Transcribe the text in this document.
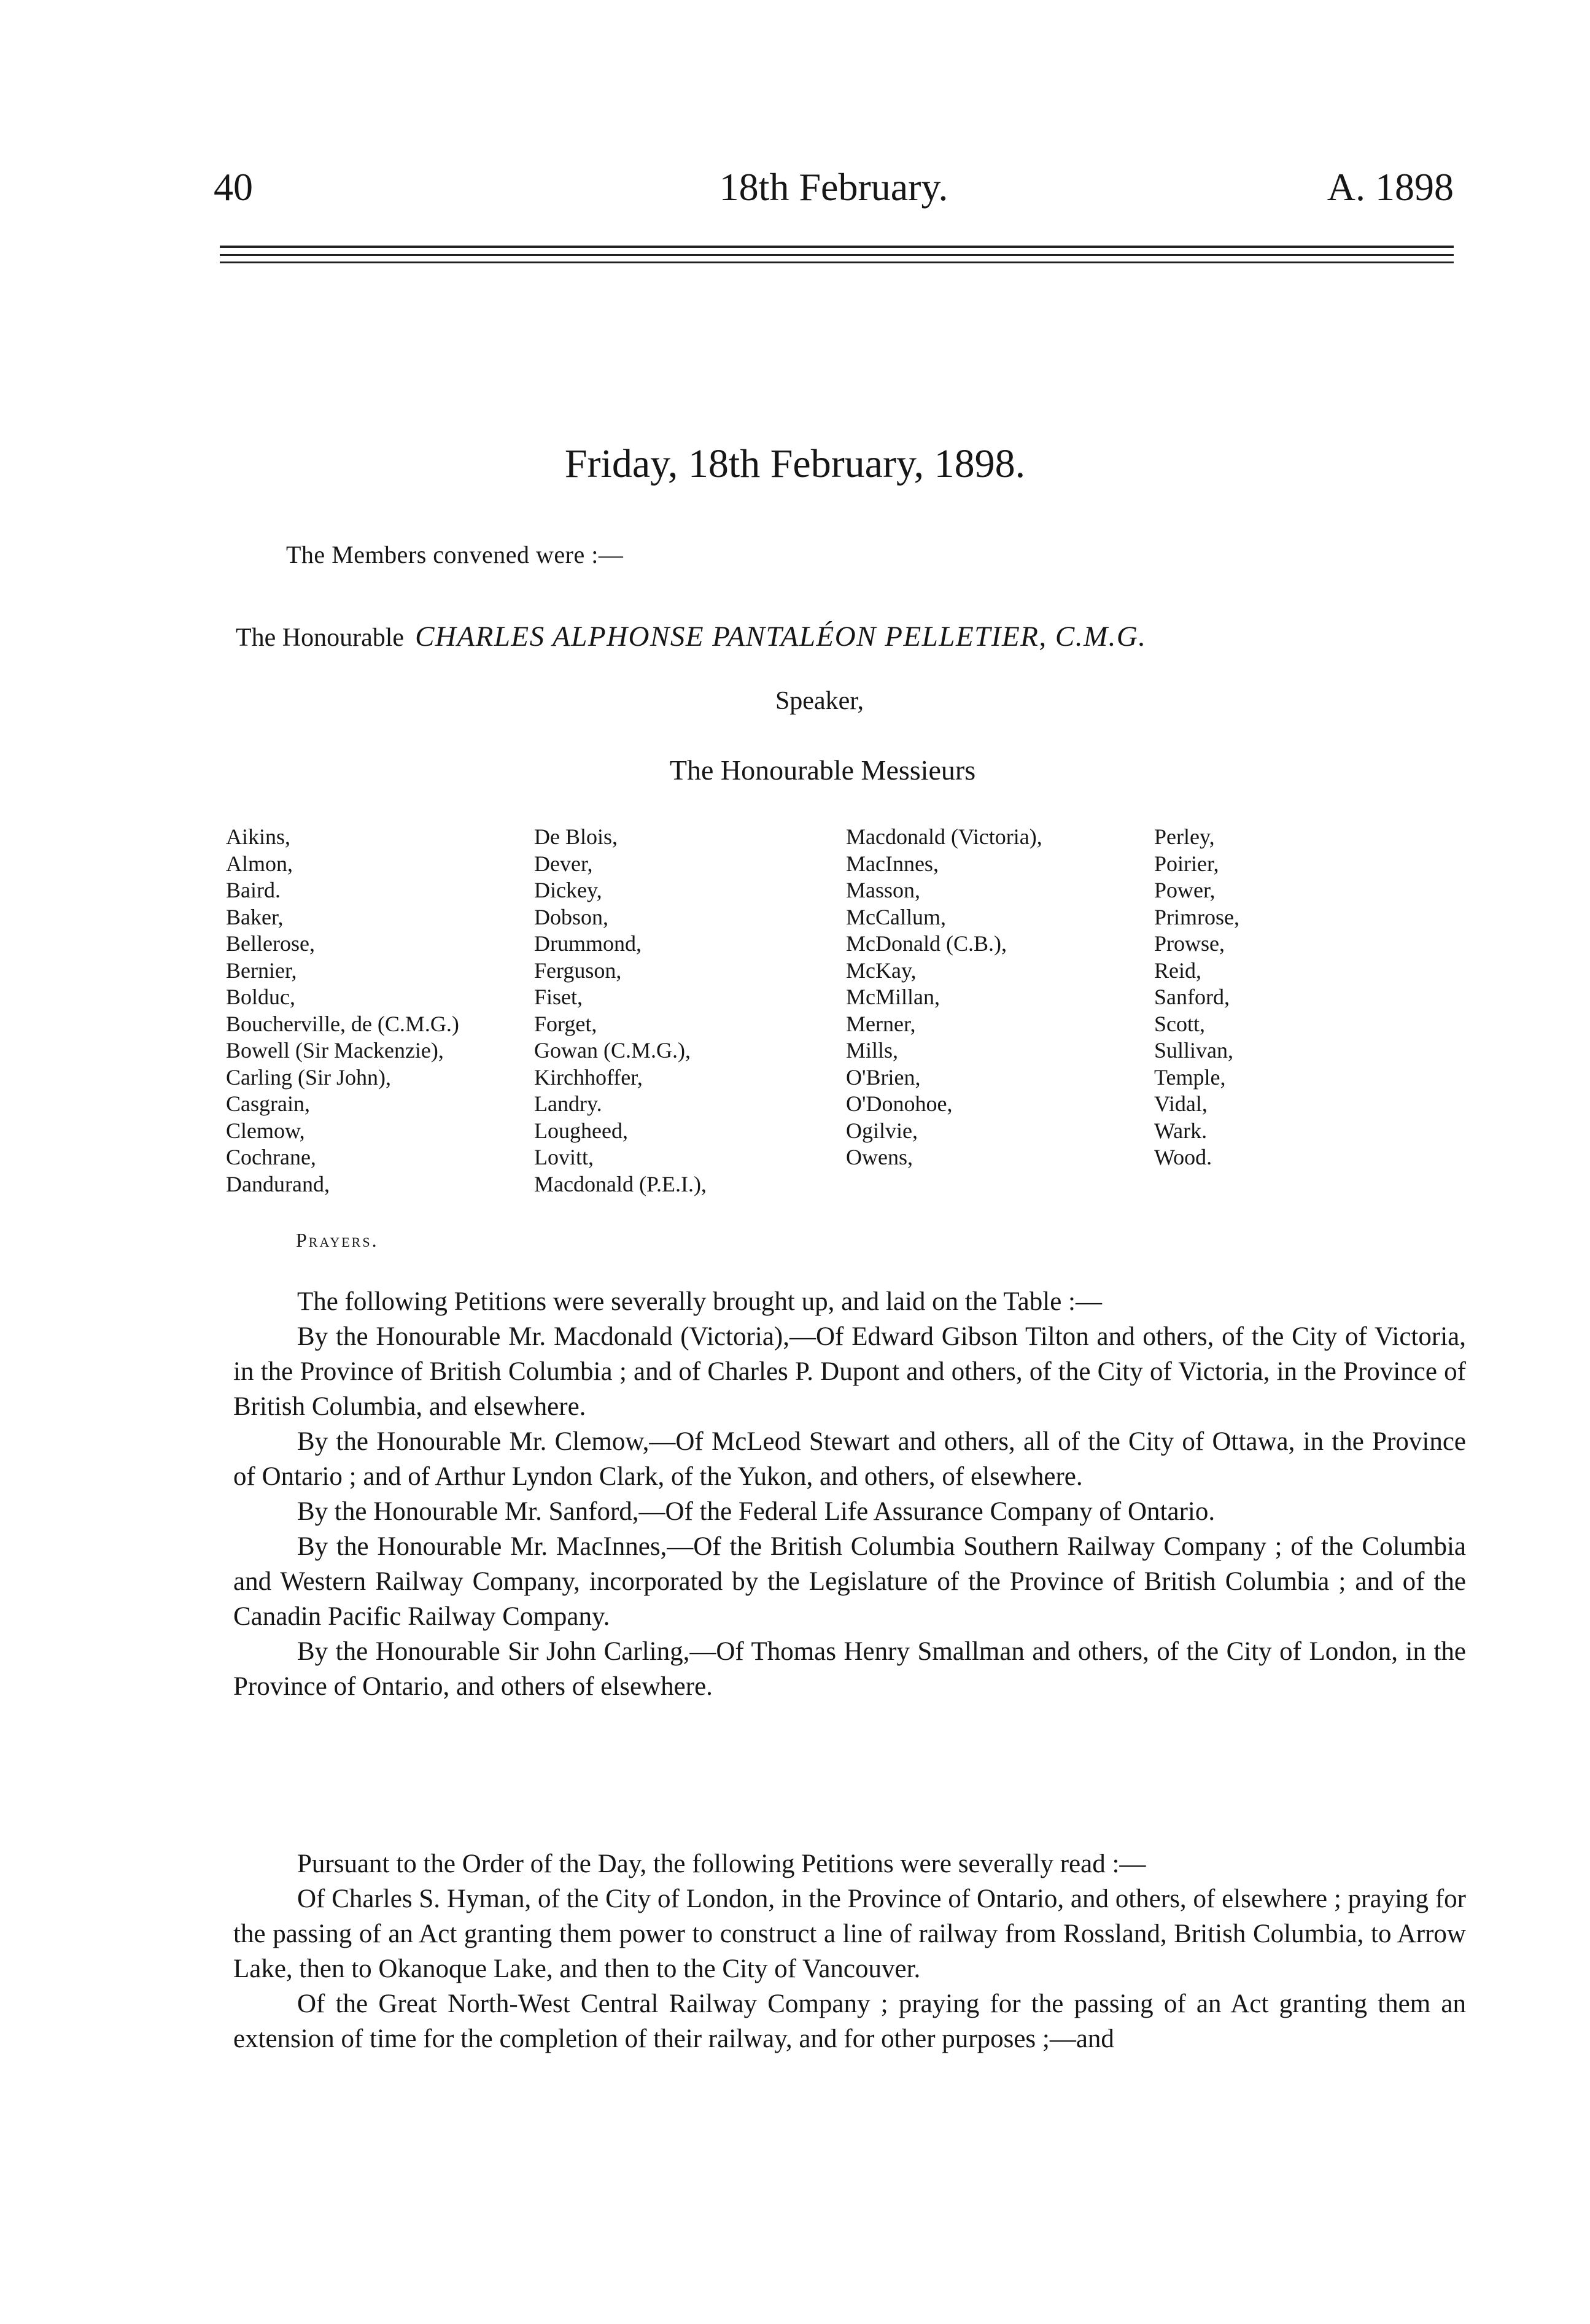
40	18th February.	A. 1898
Friday, 18th February, 1898.
The Members convened were :—
The Honourable CHARLES ALPHONSE PANTALÉON PELLETIER, C.M.G.
Speaker,
The Honourable Messieurs
Aikins,
Almon,
Baird.
Baker,
Bellerose,
Bernier,
Bolduc,
Boucherville, de (C.M.G.)
Bowell (Sir Mackenzie),
Carling (Sir John),
Casgrain,
Clemow,
Cochrane,
Dandurand,
De Blois,
Dever,
Dickey,
Dobson,
Drummond,
Ferguson,
Fiset,
Forget,
Gowan (C.M.G.),
Kirchhoffer,
Landry.
Lougheed,
Lovitt,
Macdonald (P.E.I.),
Macdonald (Victoria),
MacInnes,
Masson,
McCallum,
McDonald (C.B.),
McKay,
McMillan,
Merner,
Mills,
O'Brien,
O'Donohoe,
Ogilvie,
Owens,
Perley,
Poirier,
Power,
Primrose,
Prowse,
Reid,
Sanford,
Scott,
Sullivan,
Temple,
Vidal,
Wark.
Wood.
Prayers.

The following Petitions were severally brought up, and laid on the Table :—

By the Honourable Mr. Macdonald (Victoria),—Of Edward Gibson Tilton and others, of the City of Victoria, in the Province of British Columbia ; and of Charles P. Dupont and others, of the City of Victoria, in the Province of British Columbia, and elsewhere.

By the Honourable Mr. Clemow,—Of McLeod Stewart and others, all of the City of Ottawa, in the Province of Ontario ; and of Arthur Lyndon Clark, of the Yukon, and others, of elsewhere.

By the Honourable Mr. Sanford,—Of the Federal Life Assurance Company of Ontario.

By the Honourable Mr. MacInnes,—Of the British Columbia Southern Railway Company ; of the Columbia and Western Railway Company, incorporated by the Legislature of the Province of British Columbia ; and of the Canadin Pacific Railway Company.

By the Honourable Sir John Carling,—Of Thomas Henry Smallman and others, of the City of London, in the Province of Ontario, and others of elsewhere.

Pursuant to the Order of the Day, the following Petitions were severally read :—

Of Charles S. Hyman, of the City of London, in the Province of Ontario, and others, of elsewhere ; praying for the passing of an Act granting them power to construct a line of railway from Rossland, British Columbia, to Arrow Lake, then to Okanoque Lake, and then to the City of Vancouver.

Of the Great North-West Central Railway Company ; praying for the passing of an Act granting them an extension of time for the completion of their railway, and for other purposes ;—and
